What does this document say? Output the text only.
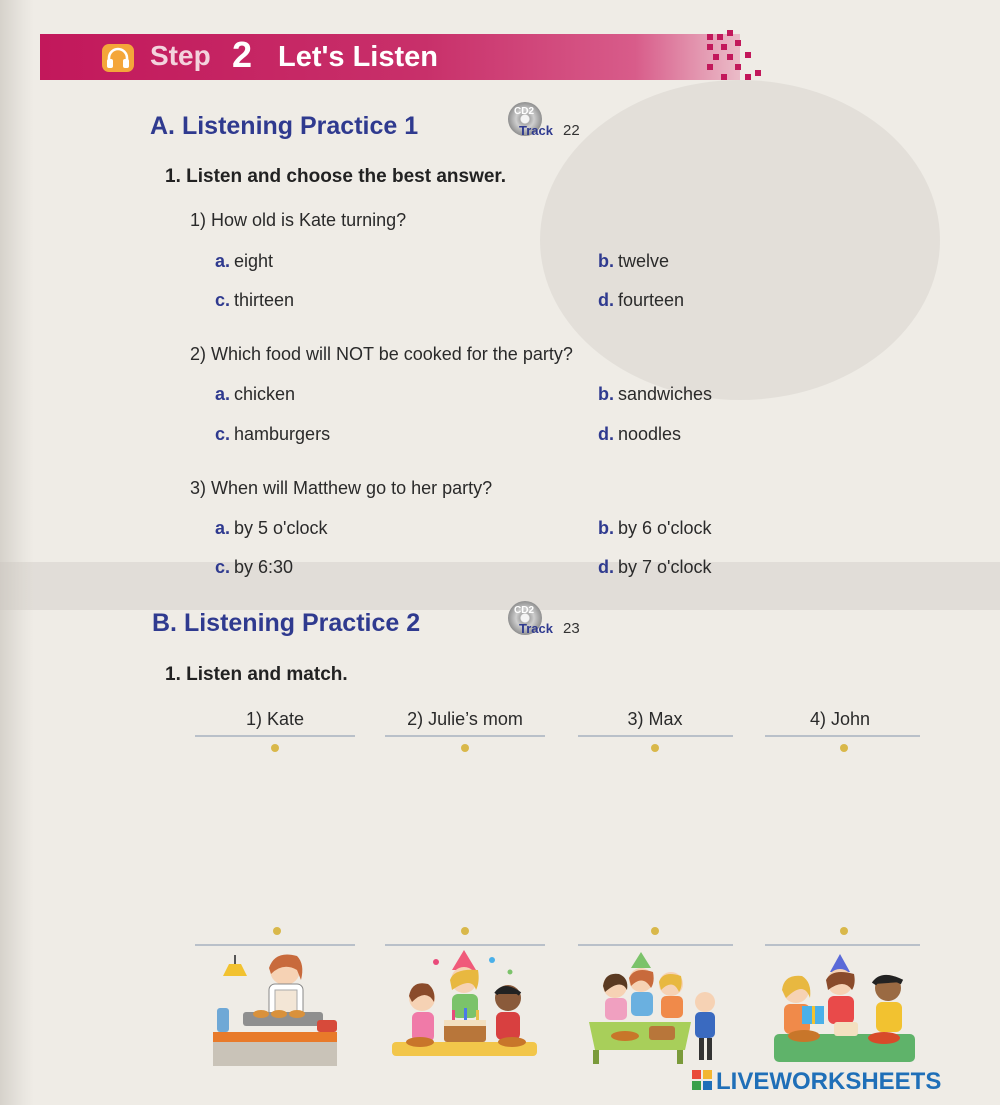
Step 2 Let's Listen
A. Listening Practice 1
CD2
Track 22
1. Listen and choose the best answer.
1) How old is Kate turning?
a. eight	b. twelve
c. thirteen	d. fourteen
2) Which food will NOT be cooked for the party?
a. chicken	b. sandwiches
c. hamburgers	d. noodles
3) When will Matthew go to her party?
a. by 5 o'clock	b. by 6 o'clock
c. by 6:30	d. by 7 o'clock
B. Listening Practice 2	CD2
Track 23
1. Listen and match.
1) Kate	2) Julie’s mom	3) Max	4) John
LIVEWORKSHEETS
